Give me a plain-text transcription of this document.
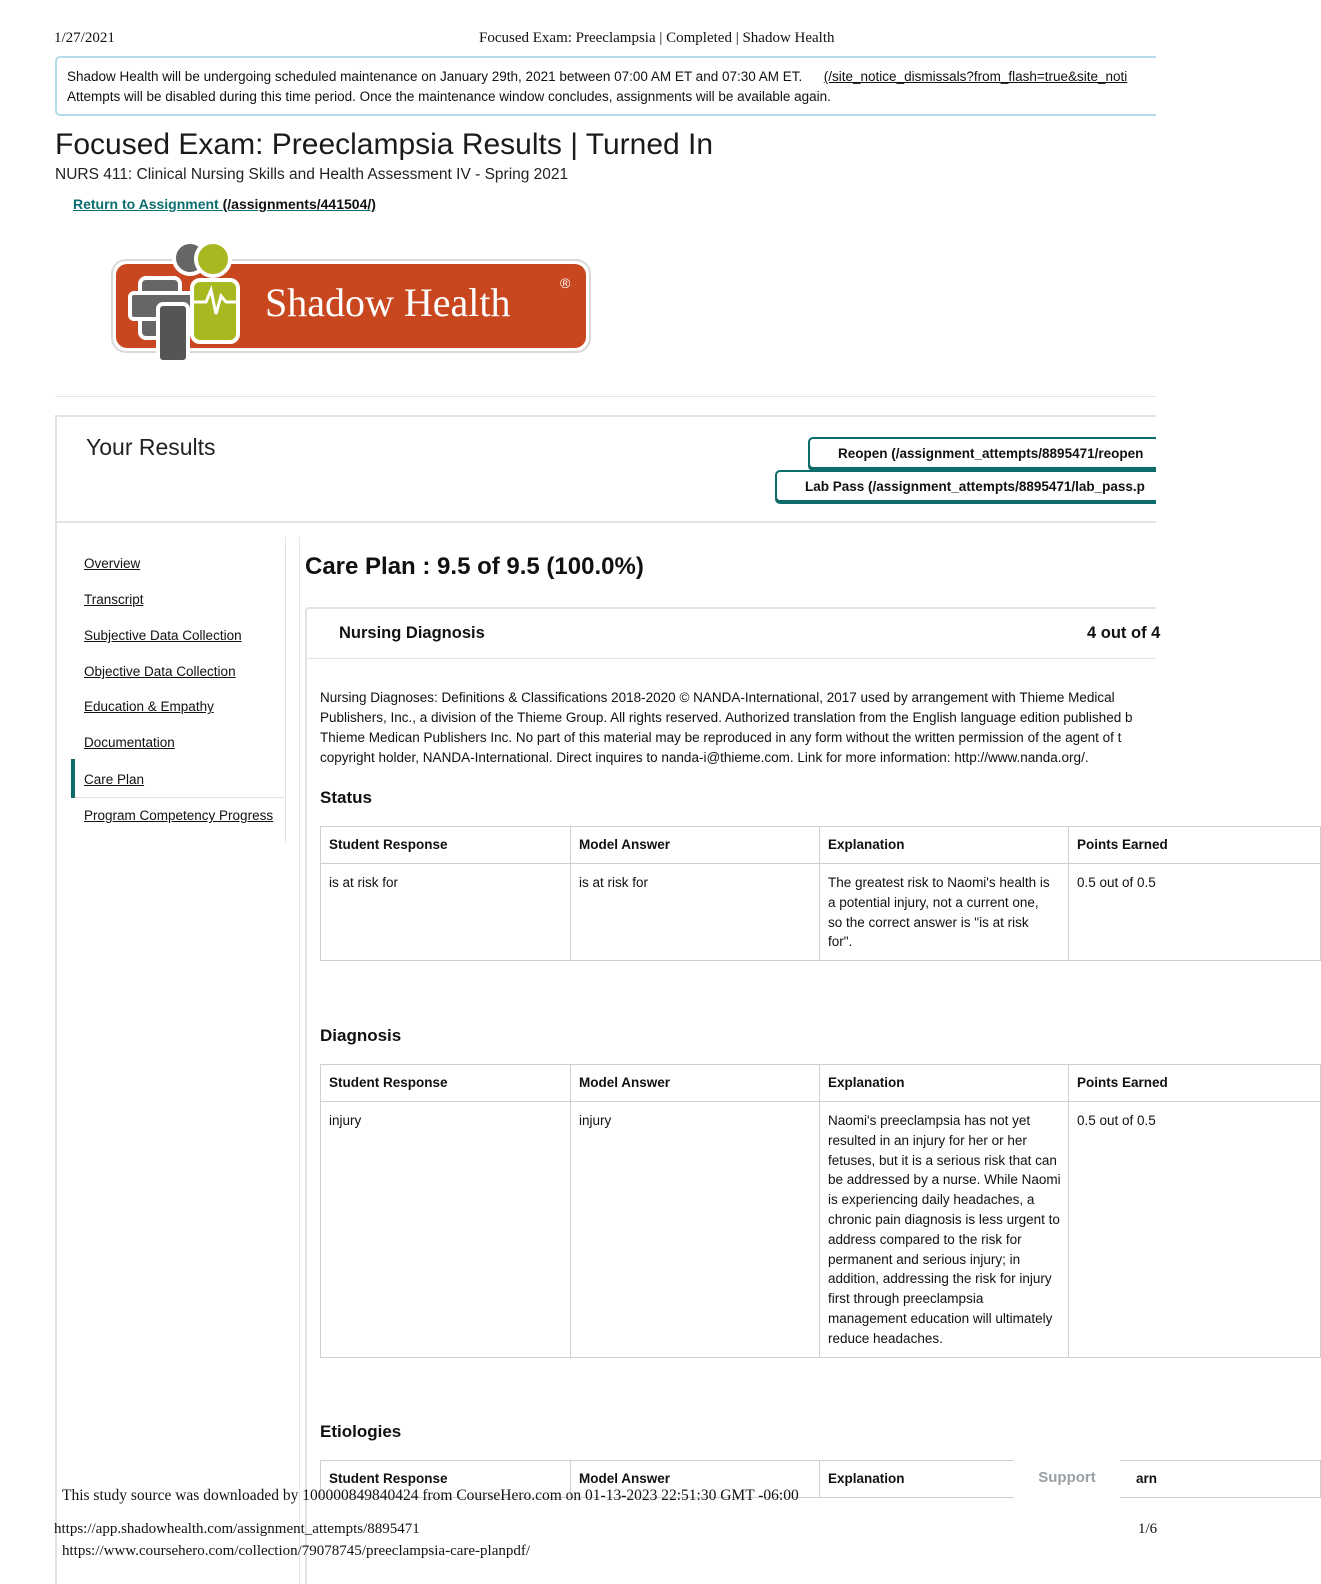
1/27/2021	Focused Exam: Preeclampsia | Completed | Shadow Health
Shadow Health will be undergoing scheduled maintenance on January 29th, 2021 between 07:00 AM ET and 07:30 AM ET. (/site_notice_dismissals?from_flash=true&site_noti
Attempts will be disabled during this time period. Once the maintenance window concludes, assignments will be available again.
Focused Exam: Preeclampsia Results | Turned In
NURS 411: Clinical Nursing Skills and Health Assessment IV - Spring 2021
Return to Assignment (/assignments/441504/)
Shadow Health	®
Your Results	Reopen (/assignment_attempts/8895471/reopen
Lab Pass (/assignment_attempts/8895471/lab_pass.p
Overview
Transcript
Subjective Data Collection
Objective Data Collection
Education & Empathy
Documentation
Care Plan
Program Competency Progress
Care Plan : 9.5 of 9.5 (100.0%)
Nursing Diagnosis	4 out of 4
Nursing Diagnoses: Definitions & Classifications 2018-2020 © NANDA-International, 2017 used by arrangement with Thieme Medical
Publishers, Inc., a division of the Thieme Group. All rights reserved. Authorized translation from the English language edition published b
Thieme Medican Publishers Inc. No part of this material may be reproduced in any form without the written permission of the agent of t
copyright holder, NANDA-International. Direct inquires to nanda-i@thieme.com. Link for more information: http://www.nanda.org/.
Status
Student Response	Model Answer	Explanation	Points Earned
is at risk for	is at risk for	The greatest risk to Naomi's health is a potential injury, not a current one, so the correct answer is "is at risk for".	0.5 out of 0.5
Diagnosis
Student Response	Model Answer	Explanation	Points Earned
injury	injury	Naomi's preeclampsia has not yet resulted in an injury for her or her fetuses, but it is a serious risk that can be addressed by a nurse. While Naomi is experiencing daily headaches, a chronic pain diagnosis is less urgent to address compared to the risk for permanent and serious injury; in addition, addressing the risk for injury first through preeclampsia management education will ultimately reduce headaches.	0.5 out of 0.5
Etiologies
Student Response	Model Answer	Explanation		Support	arn
This study source was downloaded by 100000849840424 from CourseHero.com on 01-13-2023 22:51:30 GMT -06:00
https://app.shadowhealth.com/assignment_attempts/8895471	1/6
https://www.coursehero.com/collection/79078745/preeclampsia-care-planpdf/
